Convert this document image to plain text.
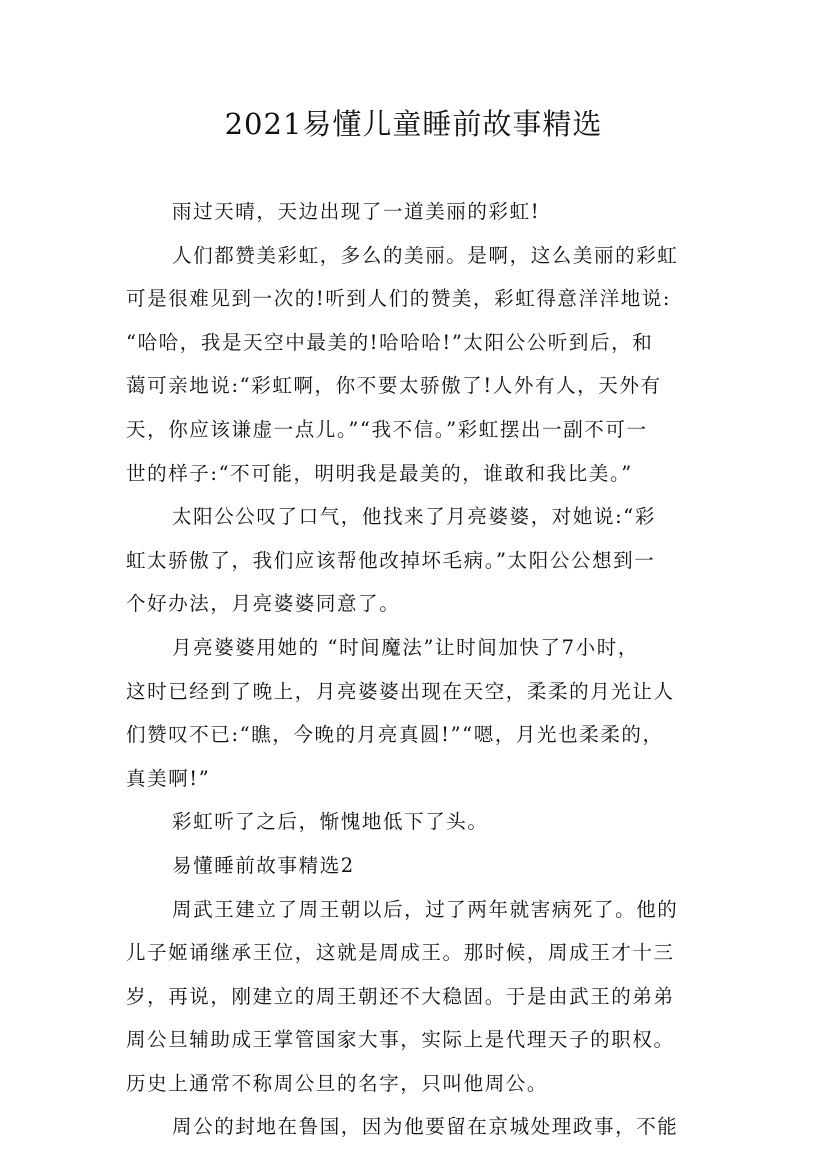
2021易懂儿童睡前故事精选
雨过天晴，天边出现了一道美丽的彩虹!
人们都赞美彩虹，多么的美丽。是啊，这么美丽的彩虹
可是很难见到一次的!听到人们的赞美，彩虹得意洋洋地说:
“哈哈，我是天空中最美的!哈哈哈!”太阳公公听到后，和
蔼可亲地说:“彩虹啊，你不要太骄傲了!人外有人，天外有
天，你应该谦虚一点儿。”“我不信。”彩虹摆出一副不可一
世的样子:“不可能，明明我是最美的，谁敢和我比美。”
太阳公公叹了口气，他找来了月亮婆婆，对她说:“彩
虹太骄傲了，我们应该帮他改掉坏毛病。”太阳公公想到一
个好办法，月亮婆婆同意了。
月亮婆婆用她的 “时间魔法”让时间加快了7小时，
这时已经到了晚上，月亮婆婆出现在天空，柔柔的月光让人
们赞叹不已:“瞧，今晚的月亮真圆!”“嗯，月光也柔柔的，
真美啊!”
彩虹听了之后，惭愧地低下了头。
易懂睡前故事精选2
周武王建立了周王朝以后，过了两年就害病死了。他的
儿子姬诵继承王位，这就是周成王。那时候，周成王才十三
岁，再说，刚建立的周王朝还不大稳固。于是由武王的弟弟
周公旦辅助成王掌管国家大事，实际上是代理天子的职权。
历史上通常不称周公旦的名字，只叫他周公。
周公的封地在鲁国，因为他要留在京城处理政事，不能
